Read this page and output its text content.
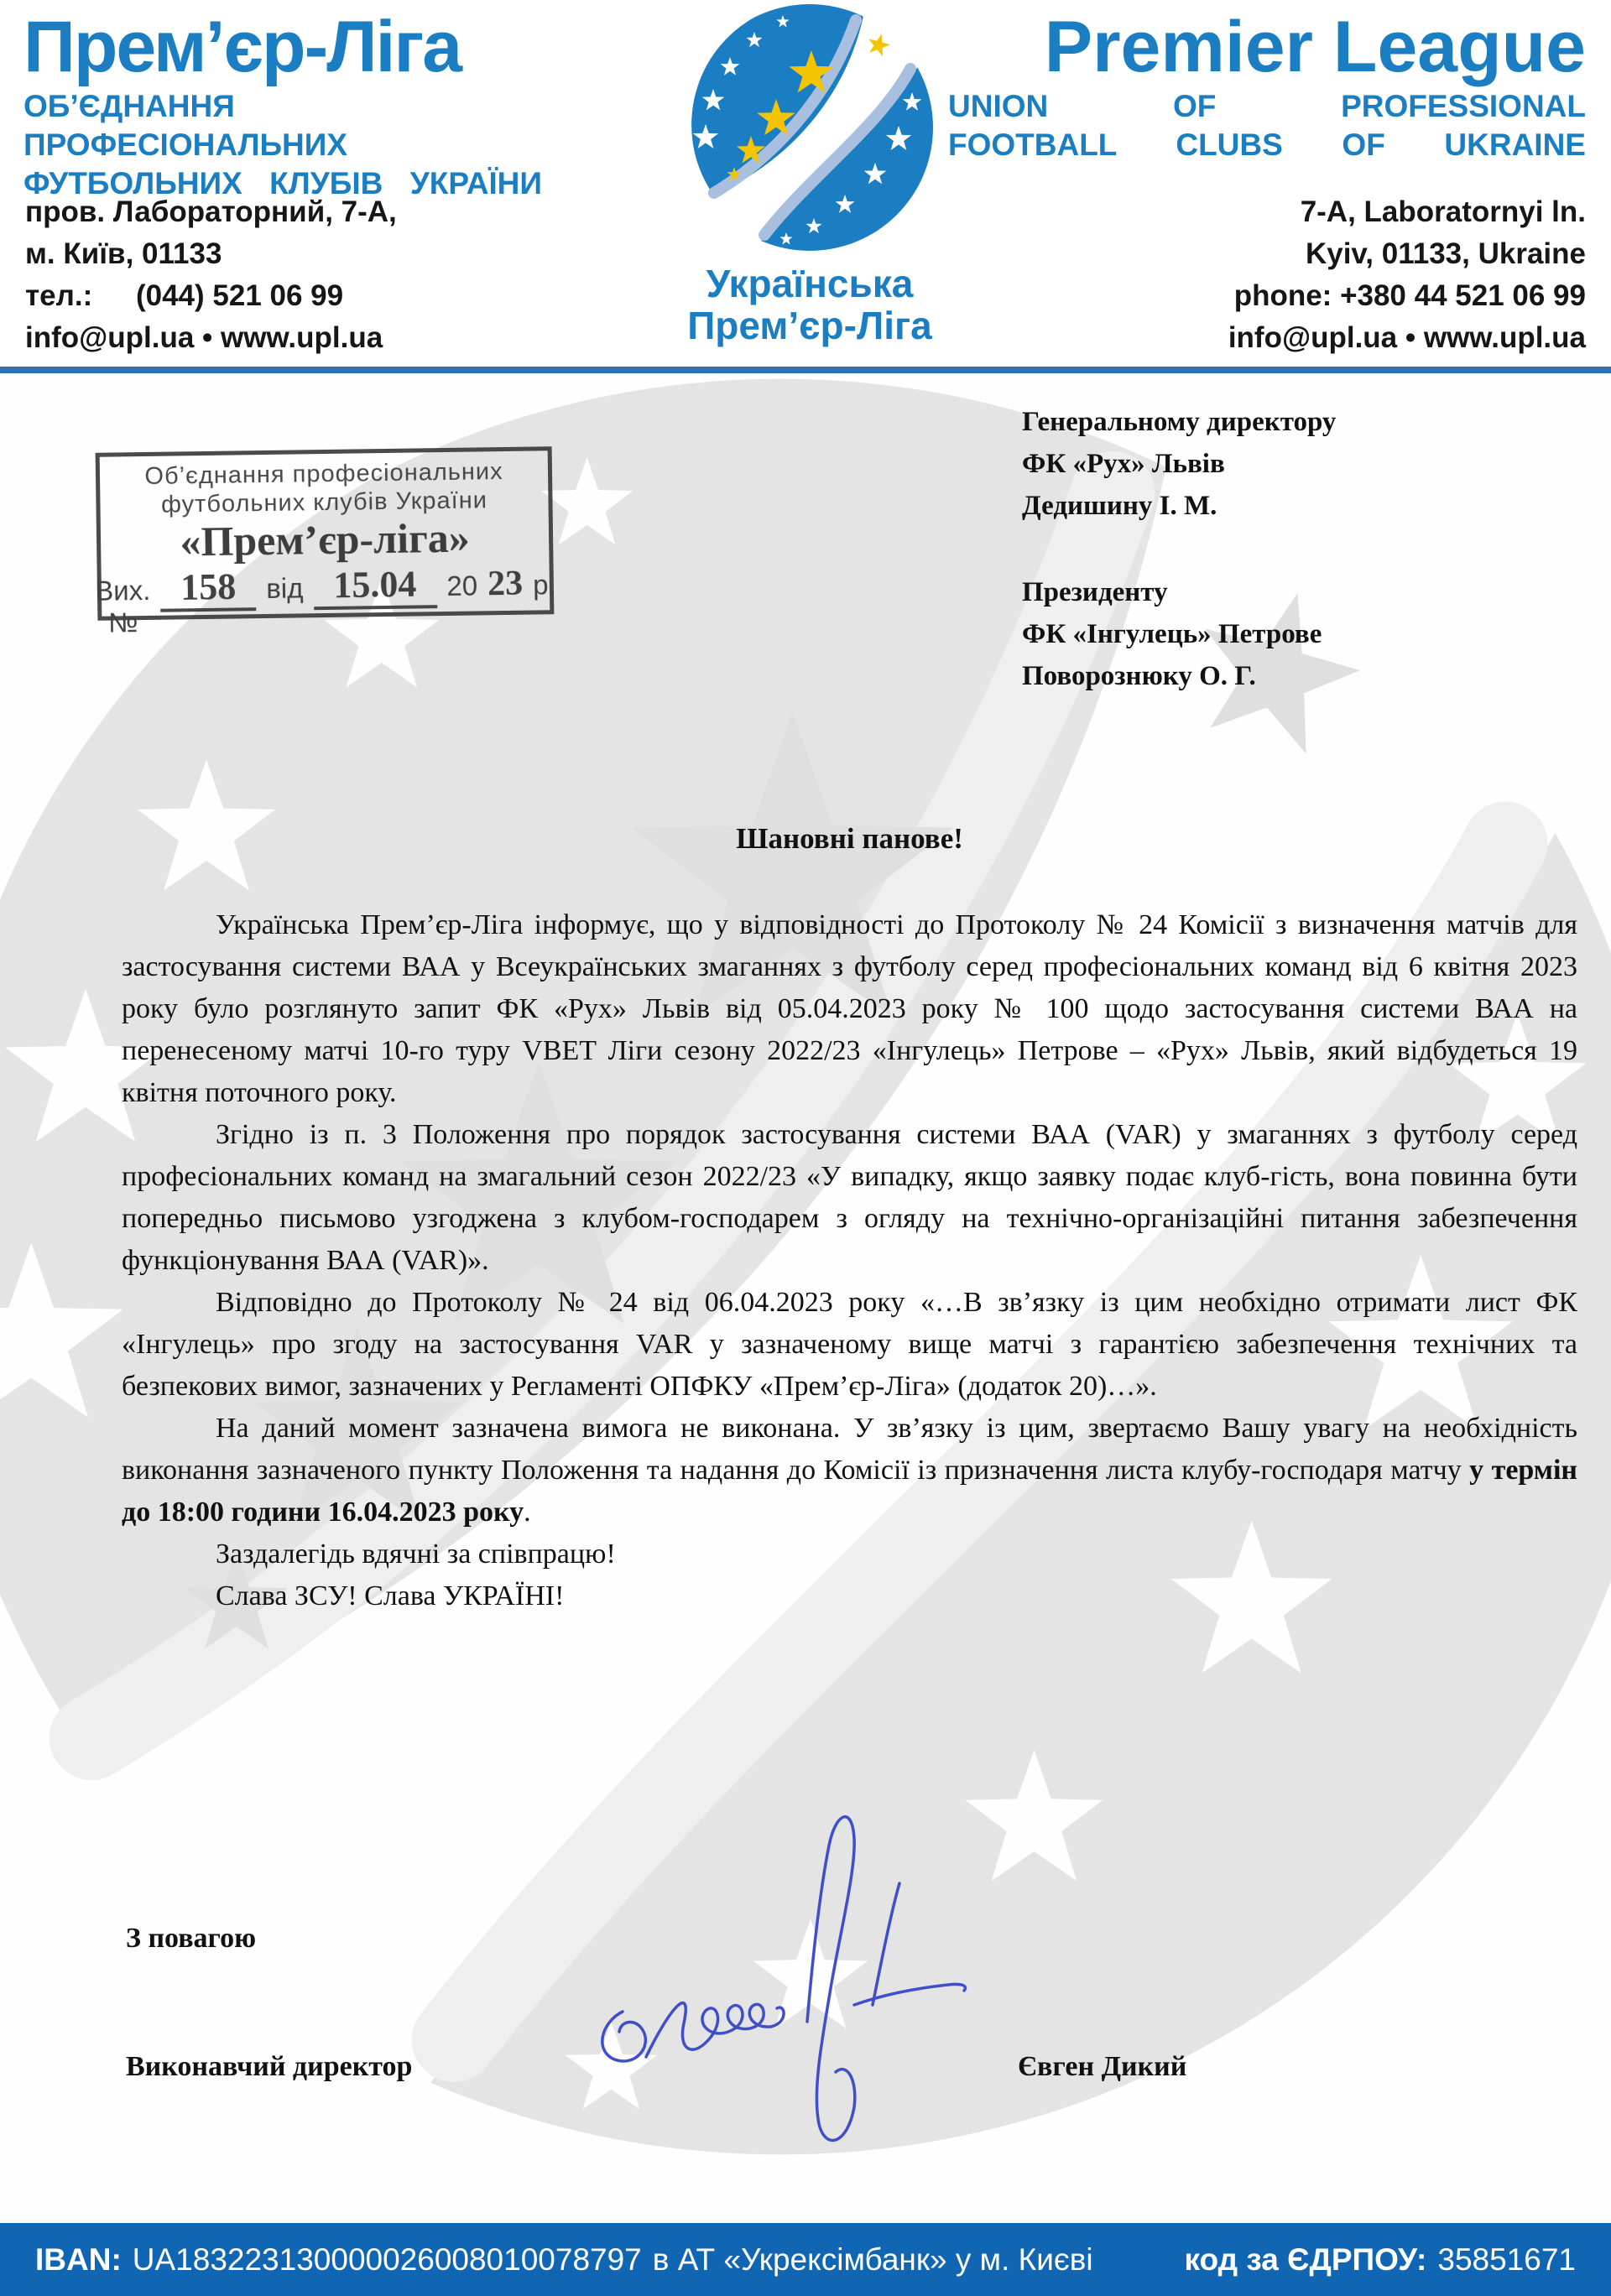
Прем’єр-Ліга
ОБ’ЄДНАННЯ ПРОФЕСІОНАЛЬНИХ
ФУТБОЛЬНИХ КЛУБІВ УКРАЇНИ
пров. Лабораторний, 7-А,
м. Київ, 01133
тел.: (044) 521 06 99
info@upl.ua • www.upl.ua
Українська
Прем’єр-Ліга
Premier League
UNION OF PROFESSIONAL
FOOTBALL CLUBS OF UKRAINE
7-A, Laboratornyi ln.
Kyiv, 01133, Ukraine
phone: +380 44 521 06 99
info@upl.ua • www.upl.ua
Об’єднання професіональних
футбольних клубів України
«Прем’єр-ліга»
Вих. №
158	від 15.04	20 23 р.
Генеральному директору
ФК «Рух» Львів
Дедишину І. М.
Президенту
ФК «Інгулець» Петрове
Поворознюку О. Г.
Шановні панове!

Українська Прем’єр-Ліга інформує, що у відповідності до Протоколу № 24 Комісії з визначення матчів для застосування системи ВАА у Всеукраїнських змаганнях з футболу серед професіональних команд від 6 квітня 2023 року було розглянуто запит ФК «Рух» Львів від 05.04.2023 року № 100 щодо застосування системи ВАА на перенесеному матчі 10-го туру VBET Ліги сезону 2022/23 «Інгулець» Петрове – «Рух» Львів, який відбудеться 19 квітня поточного року.

Згідно із п. 3 Положення про порядок застосування системи ВАА (VAR) у змаганнях з футболу серед професіональних команд на змагальний сезон 2022/23 «У випадку, якщо заявку подає клуб-гість, вона повинна бути попередньо письмово узгоджена з клубом-господарем з огляду на технічно-організаційні питання забезпечення функціонування ВАА (VAR)».

Відповідно до Протоколу № 24 від 06.04.2023 року «…В зв’язку із цим необхідно отримати лист ФК «Інгулець» про згоду на застосування VAR у зазначеному вище матчі з гарантією забезпечення технічних та безпекових вимог, зазначених у Регламенті ОПФКУ «Прем’єр-Ліга» (додаток 20)…».

На даний момент зазначена вимога не виконана. У зв’язку із цим, звертаємо Вашу увагу на необхідність виконання зазначеного пункту Положення та надання до Комісії із призначення листа клубу-господаря матчу у термін до 18:00 години 16.04.2023 року.

Заздалегідь вдячні за співпрацю!

Слава ЗСУ! Слава УКРАЇНІ!

З повагою
Виконавчий директор	Євген Дикий
IBAN: UA183223130000026008010078797 в АТ «Укрексімбанк» у м. Києві	код за ЄДРПОУ: 35851671
